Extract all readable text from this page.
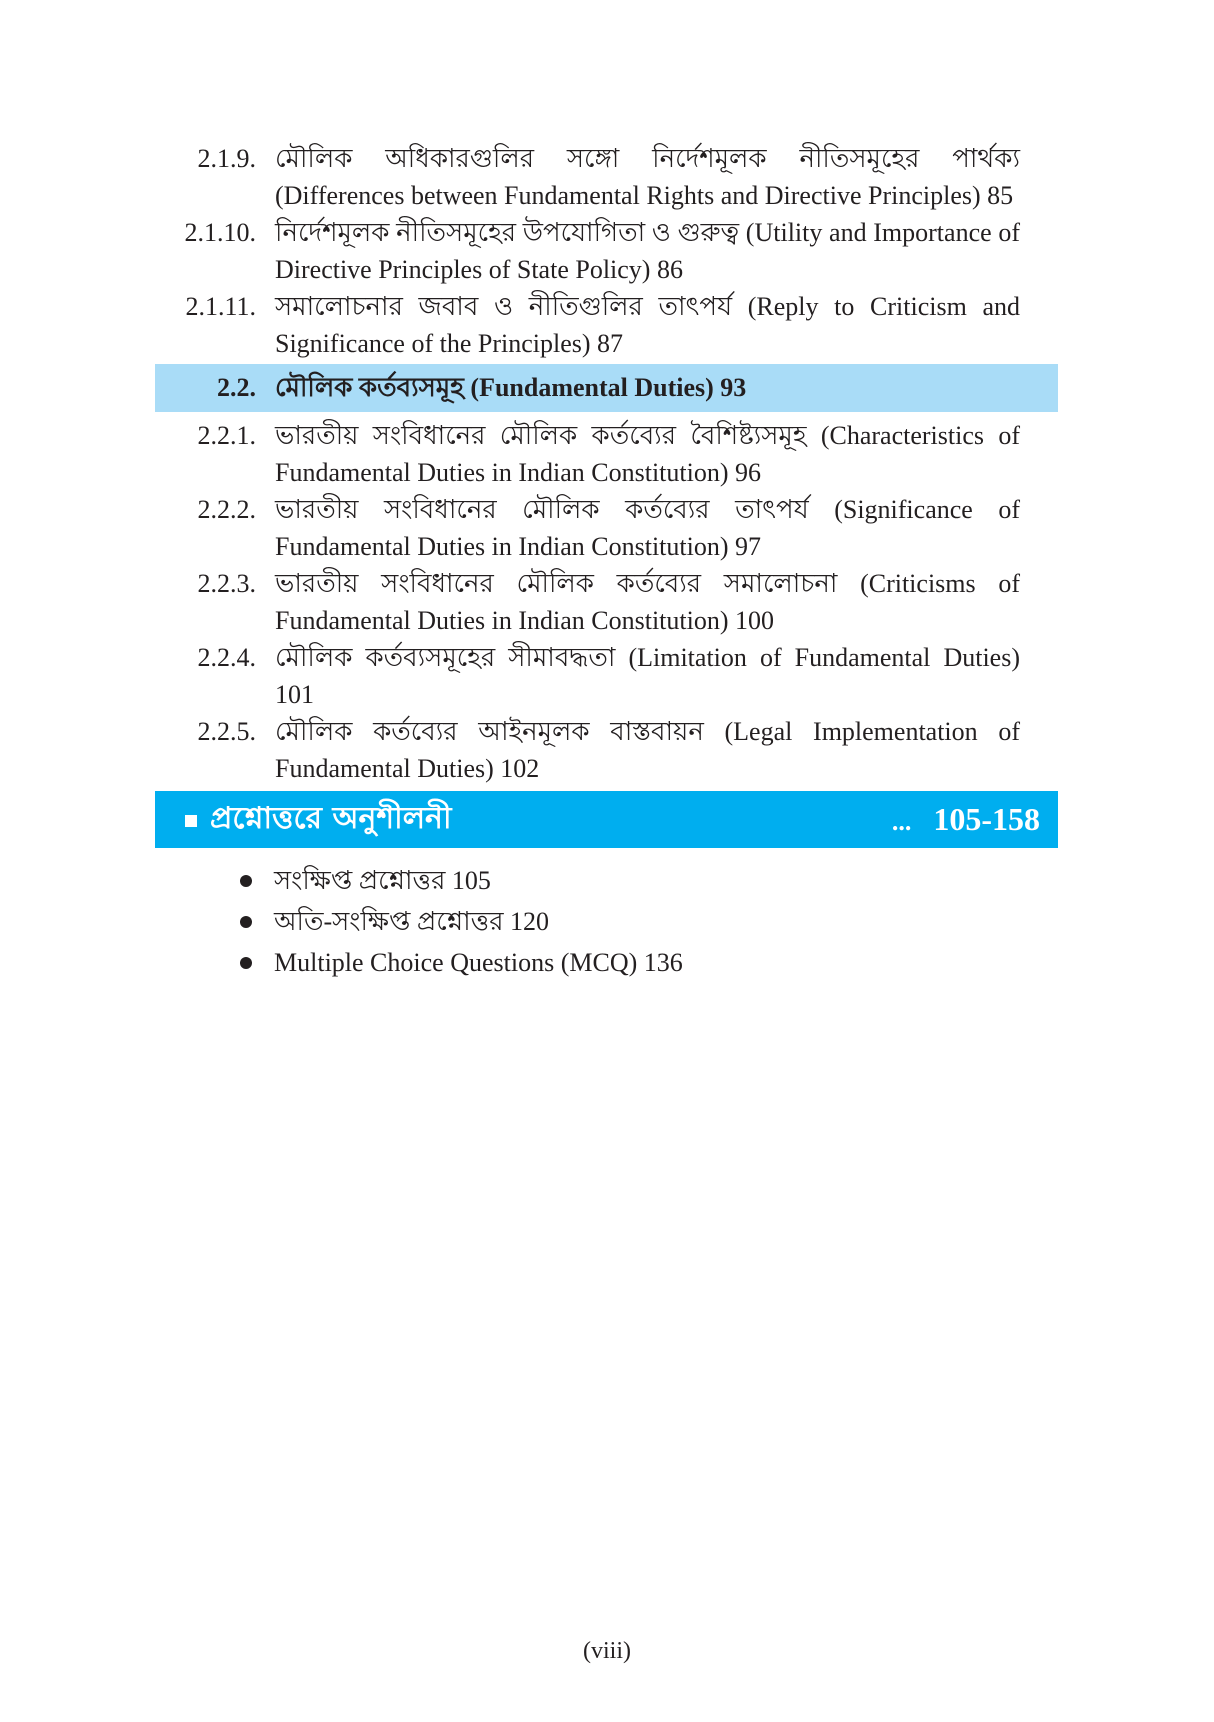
2.1.9. মৌলিক অধিকারগুলির সঙ্গো নির্দেশমূলক নীতিসমূহের পার্থক্য (Differences between Fundamental Rights and Directive Principles) 85
2.1.10. নির্দেশমূলক নীতিসমূহের উপযোগিতা ও গুরুত্ব (Utility and Importance of Directive Principles of State Policy) 86
2.1.11. সমালোচনার জবাব ও নীতিগুলির তাৎপর্য (Reply to Criticism and Significance of the Principles) 87
2.2. মৌলিক কর্তব্যসমূহ (Fundamental Duties) 93
2.2.1. ভারতীয় সংবিধানের মৌলিক কর্তব্যের বৈশিষ্ট্যসমূহ (Characteristics of Fundamental Duties in Indian Constitution) 96
2.2.2. ভারতীয় সংবিধানের মৌলিক কর্তব্যের তাৎপর্য (Significance of Fundamental Duties in Indian Constitution) 97
2.2.3. ভারতীয় সংবিধানের মৌলিক কর্তব্যের সমালোচনা (Criticisms of Fundamental Duties in Indian Constitution) 100
2.2.4. মৌলিক কর্তব্যসমূহের সীমাবদ্ধতা (Limitation of Fundamental Duties) 101
2.2.5. মৌলিক কর্তব্যের আইনমূলক বাস্তবায়ন (Legal Implementation of Fundamental Duties) 102
প্রশ্নোত্তরে অনুশীলনী	... 105-158
সংক্ষিপ্ত প্রশ্নোত্তর 105
অতি-সংক্ষিপ্ত প্রশ্নোত্তর 120
Multiple Choice Questions (MCQ) 136
(viii)
